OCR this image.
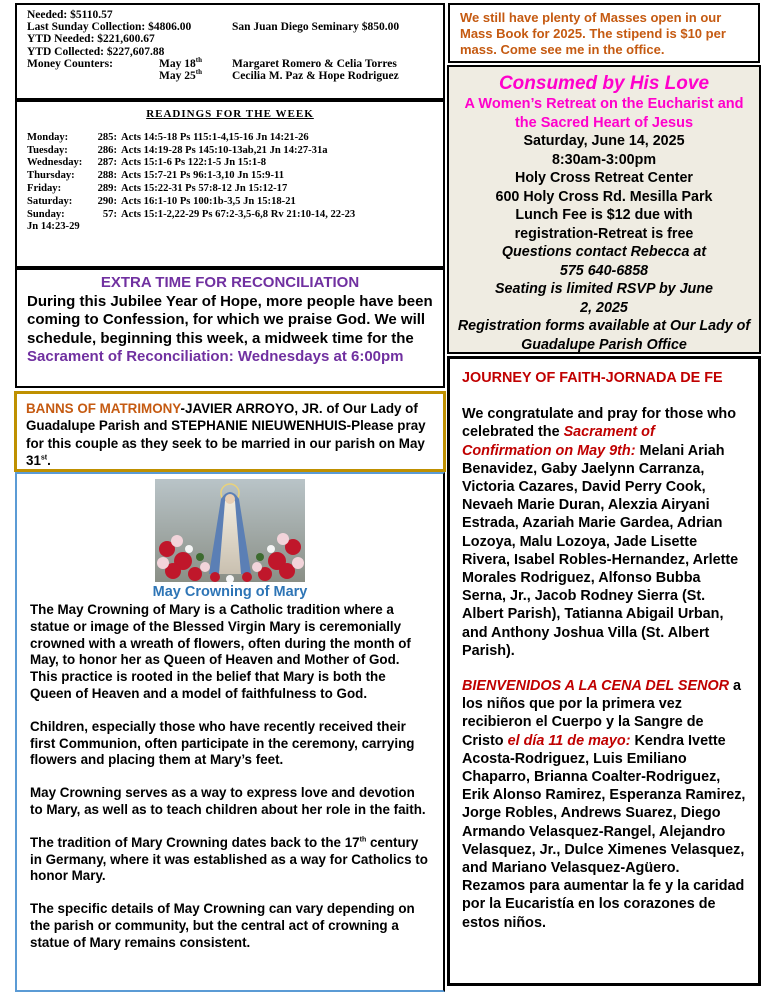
Needed: $5110.57
Last Sunday Collection: $4806.00	San Juan Diego Seminary $850.00
YTD Needed: $221,600.67
YTD Collected: $227,607.88
Money Counters:	May 18th	Margaret Romero & Celia Torres
May 25th	Cecilia M. Paz & Hope Rodriguez
READINGS FOR THE WEEK
Monday:	285: Acts 14:5-18 Ps 115:1-4,15-16 Jn 14:21-26
Tuesday:	286: Acts 14:19-28 Ps 145:10-13ab,21 Jn 14:27-31a
Wednesday:	287: Acts 15:1-6 Ps 122:1-5 Jn 15:1-8
Thursday:	288: Acts 15:7-21 Ps 96:1-3,10 Jn 15:9-11
Friday:	289: Acts 15:22-31 Ps 57:8-12 Jn 15:12-17
Saturday:	290: Acts 16:1-10 Ps 100:1b-3,5 Jn 15:18-21
Sunday:	57: Acts 15:1-2,22-29 Ps 67:2-3,5-6,8 Rv 21:10-14, 22-23
Jn 14:23-29
EXTRA TIME FOR RECONCILIATION

During this Jubilee Year of Hope, more people have been coming to Confession, for which we praise God. We will schedule, beginning this week, a midweek time for the Sacrament of Reconciliation: Wednesdays at 6:00pm

BANNS OF MATRIMONY-JAVIER ARROYO, JR. of Our Lady of Guadalupe Parish and STEPHANIE NIEUWENHUIS-Please pray for this couple as they seek to be married in our parish on May 31st.

May Crowning of Mary

The May Crowning of Mary is a Catholic tradition where a statue or image of the Blessed Virgin Mary is ceremonially crowned with a wreath of flowers, often during the month of May, to honor her as Queen of Heaven and Mother of God. This practice is rooted in the belief that Mary is both the Queen of Heaven and a model of faithfulness to God.

Children, especially those who have recently received their first Communion, often participate in the ceremony, carrying flowers and placing them at Mary’s feet.

May Crowning serves as a way to express love and devotion to Mary, as well as to teach children about her role in the faith.

The tradition of Mary Crowning dates back to the 17th century in Germany, where it was established as a way for Catholics to honor Mary.

The specific details of May Crowning can vary depending on the parish or community, but the central act of crowning a statue of Mary remains consistent.

We still have plenty of Masses open in our Mass Book for 2025. The stipend is $10 per mass. Come see me in the office.

Consumed by His Love
A Women’s Retreat on the Eucharist and the Sacred Heart of Jesus
Saturday, June 14, 2025
8:30am-3:00pm
Holy Cross Retreat Center
600 Holy Cross Rd. Mesilla Park
Lunch Fee is $12 due with registration-Retreat is free
Questions contact Rebecca at 575 640-6858
Seating is limited RSVP by June 2, 2025
Registration forms available at Our Lady of Guadalupe Parish Office
JOURNEY OF FAITH-JORNADA DE FE

We congratulate and pray for those who celebrated the Sacrament of Confirmation on May 9th: Melani Ariah Benavidez, Gaby Jaelynn Carranza, Victoria Cazares, David Perry Cook, Nevaeh Marie Duran, Alexzia Airyani Estrada, Azariah Marie Gardea, Adrian Lozoya, Malu Lozoya, Jade Lisette Rivera, Isabel Robles-Hernandez, Arlette Morales Rodriguez, Alfonso Bubba Serna, Jr., Jacob Rodney Sierra (St. Albert Parish), Tatianna Abigail Urban, and Anthony Joshua Villa (St. Albert Parish).

BIENVENIDOS A LA CENA DEL SENOR a los niños que por la primera vez recibieron el Cuerpo y la Sangre de Cristo el día 11 de mayo: Kendra Ivette Acosta-Rodriguez, Luis Emiliano Chaparro, Brianna Coalter-Rodriguez, Erik Alonso Ramirez, Esperanza Ramirez, Jorge Robles, Andrews Suarez, Diego Armando Velasquez-Rangel, Alejandro Velasquez, Jr., Dulce Ximenes Velasquez, and Mariano Velasquez-Agüero. Rezamos para aumentar la fe y la caridad por la Eucaristía en los corazones de estos niños.
